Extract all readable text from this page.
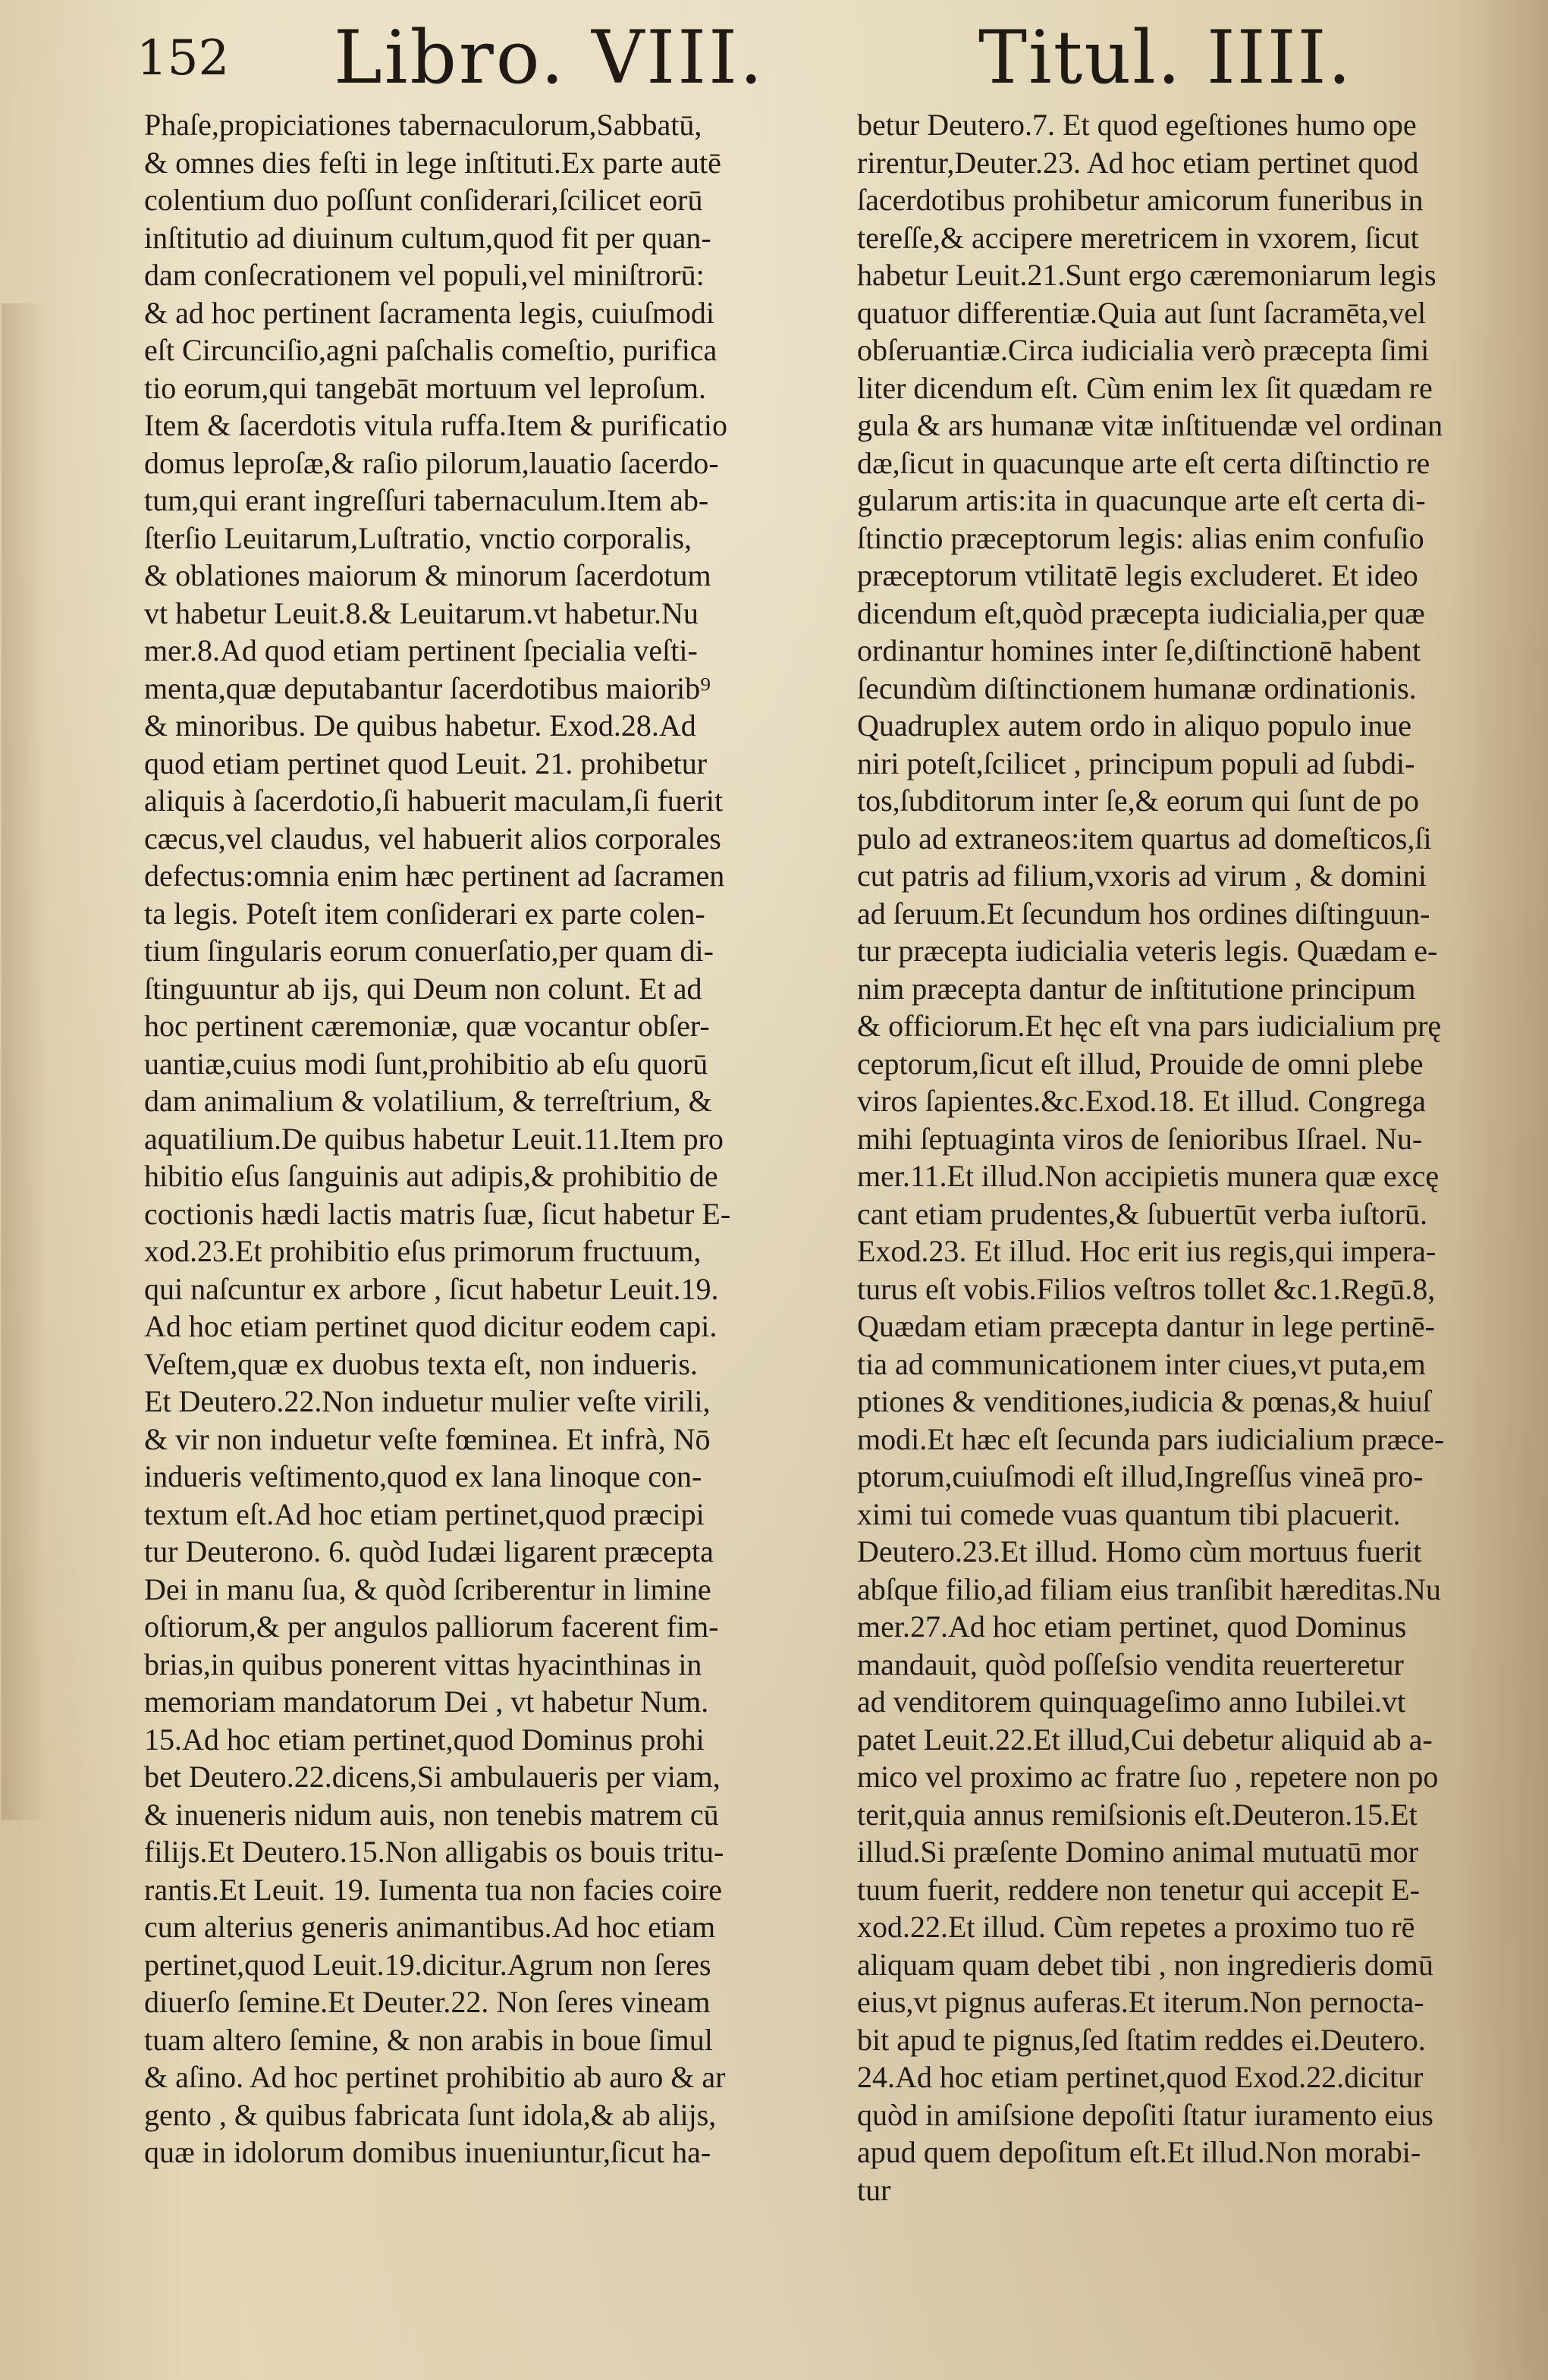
152 Libro. VIII.	Titul. IIII.
Phaſe,propiciationes tabernaculorum,Sabbatū,
& omnes dies feſti in lege inſtituti.Ex parte autē
colentium duo poſſunt conſiderari,ſcilicet eorū
inſtitutio ad diuinum cultum,quod fit per quan-
dam conſecrationem vel populi,vel miniſtrorū:
& ad hoc pertinent ſacramenta legis, cuiuſmodi
eſt Circunciſio,agni paſchalis comeſtio, purifica
tio eorum,qui tangebāt mortuum vel leproſum.
Item & ſacerdotis vitula ruffa.Item & purificatio
domus leproſæ,& raſio pilorum,lauatio ſacerdo-
tum,qui erant ingreſſuri tabernaculum.Item ab-
ſterſio Leuitarum,Luſtratio, vnctio corporalis,
& oblationes maiorum & minorum ſacerdotum
vt habetur Leuit.8.& Leuitarum.vt habetur.Nu
mer.8.Ad quod etiam pertinent ſpecialia veſti-
menta,quæ deputabantur ſacerdotibus maiorib⁹
& minoribus. De quibus habetur. Exod.28.Ad
quod etiam pertinet quod Leuit. 21. prohibetur
aliquis à ſacerdotio,ſi habuerit maculam,ſi fuerit
cæcus,vel claudus, vel habuerit alios corporales
defectus:omnia enim hæc pertinent ad ſacramen
ta legis. Poteſt item conſiderari ex parte colen-
tium ſingularis eorum conuerſatio,per quam di-
ſtinguuntur ab ijs, qui Deum non colunt. Et ad
hoc pertinent cæremoniæ, quæ vocantur obſer-
uantiæ,cuius modi ſunt,prohibitio ab eſu quorū
dam animalium & volatilium, & terreſtrium, &
aquatilium.De quibus habetur Leuit.11.Item pro
hibitio eſus ſanguinis aut adipis,& prohibitio de
coctionis hædi lactis matris ſuæ, ſicut habetur E-
xod.23.Et prohibitio eſus primorum fructuum,
qui naſcuntur ex arbore , ſicut habetur Leuit.19.
Ad hoc etiam pertinet quod dicitur eodem capi.
Veſtem,quæ ex duobus texta eſt, non indueris.
Et Deutero.22.Non induetur mulier veſte virili,
& vir non induetur veſte fœminea. Et infrà, Nō
indueris veſtimento,quod ex lana linoque con-
textum eſt.Ad hoc etiam pertinet,quod præcipi
tur Deuterono. 6. quòd Iudæi ligarent præcepta
Dei in manu ſua, & quòd ſcriberentur in limine
oſtiorum,& per angulos palliorum facerent fim-
brias,in quibus ponerent vittas hyacinthinas in
memoriam mandatorum Dei , vt habetur Num.
15.Ad hoc etiam pertinet,quod Dominus prohi
bet Deutero.22.dicens,Si ambulaueris per viam,
& inueneris nidum auis, non tenebis matrem cū
filijs.Et Deutero.15.Non alligabis os bouis tritu-
rantis.Et Leuit. 19. Iumenta tua non facies coire
cum alterius generis animantibus.Ad hoc etiam
pertinet,quod Leuit.19.dicitur.Agrum non ſeres
diuerſo ſemine.Et Deuter.22. Non ſeres vineam
tuam altero ſemine, & non arabis in boue ſimul
& aſino. Ad hoc pertinet prohibitio ab auro & ar
gento , & quibus fabricata ſunt idola,& ab alijs,
quæ in idolorum domibus inueniuntur,ſicut ha-
betur Deutero.7. Et quod egeſtiones humo ope
rirentur,Deuter.23. Ad hoc etiam pertinet quod
ſacerdotibus prohibetur amicorum funeribus in
tereſſe,& accipere meretricem in vxorem, ſicut
habetur Leuit.21.Sunt ergo cæremoniarum legis
quatuor differentiæ.Quia aut ſunt ſacramēta,vel
obſeruantiæ.Circa iudicialia verò præcepta ſimi
liter dicendum eſt. Cùm enim lex ſit quædam re
gula & ars humanæ vitæ inſtituendæ vel ordinan
dæ,ſicut in quacunque arte eſt certa diſtinctio re
gularum artis:ita in quacunque arte eſt certa di-
ſtinctio præceptorum legis: alias enim confuſio
præceptorum vtilitatē legis excluderet. Et ideo
dicendum eſt,quòd præcepta iudicialia,per quæ
ordinantur homines inter ſe,diſtinctionē habent
ſecundùm diſtinctionem humanæ ordinationis.
Quadruplex autem ordo in aliquo populo inue
niri poteſt,ſcilicet , principum populi ad ſubdi-
tos,ſubditorum inter ſe,& eorum qui ſunt de po
pulo ad extraneos:item quartus ad domeſticos,ſi
cut patris ad filium,vxoris ad virum , & domini
ad ſeruum.Et ſecundum hos ordines diſtinguun-
tur præcepta iudicialia veteris legis. Quædam e-
nim præcepta dantur de inſtitutione principum
& officiorum.Et hęc eſt vna pars iudicialium prę
ceptorum,ſicut eſt illud, Prouide de omni plebe
viros ſapientes.&c.Exod.18. Et illud. Congrega
mihi ſeptuaginta viros de ſenioribus Iſrael. Nu-
mer.11.Et illud.Non accipietis munera quæ excę
cant etiam prudentes,& ſubuertūt verba iuſtorū.
Exod.23. Et illud. Hoc erit ius regis,qui impera-
turus eſt vobis.Filios veſtros tollet &c.1.Regū.8,
Quædam etiam præcepta dantur in lege pertinē-
tia ad communicationem inter ciues,vt puta,em
ptiones & venditiones,iudicia & pœnas,& huiuſ
modi.Et hæc eſt ſecunda pars iudicialium præce-
ptorum,cuiuſmodi eſt illud,Ingreſſus vineā pro-
ximi tui comede vuas quantum tibi placuerit.
Deutero.23.Et illud. Homo cùm mortuus fuerit
abſque filio,ad filiam eius tranſibit hæreditas.Nu
mer.27.Ad hoc etiam pertinet, quod Dominus
mandauit, quòd poſſeſsio vendita reuerteretur
ad venditorem quinquageſimo anno Iubilei.vt
patet Leuit.22.Et illud,Cui debetur aliquid ab a-
mico vel proximo ac fratre ſuo , repetere non po
terit,quia annus remiſsionis eſt.Deuteron.15.Et
illud.Si præſente Domino animal mutuatū mor
tuum fuerit, reddere non tenetur qui accepit E-
xod.22.Et illud. Cùm repetes a proximo tuo rē
aliquam quam debet tibi , non ingredieris domū
eius,vt pignus auferas.Et iterum.Non pernocta-
bit apud te pignus,ſed ſtatim reddes ei.Deutero.
24.Ad hoc etiam pertinet,quod Exod.22.dicitur
quòd in amiſsione depoſiti ſtatur iuramento eius
apud quem depoſitum eſt.Et illud.Non morabi-
tur
